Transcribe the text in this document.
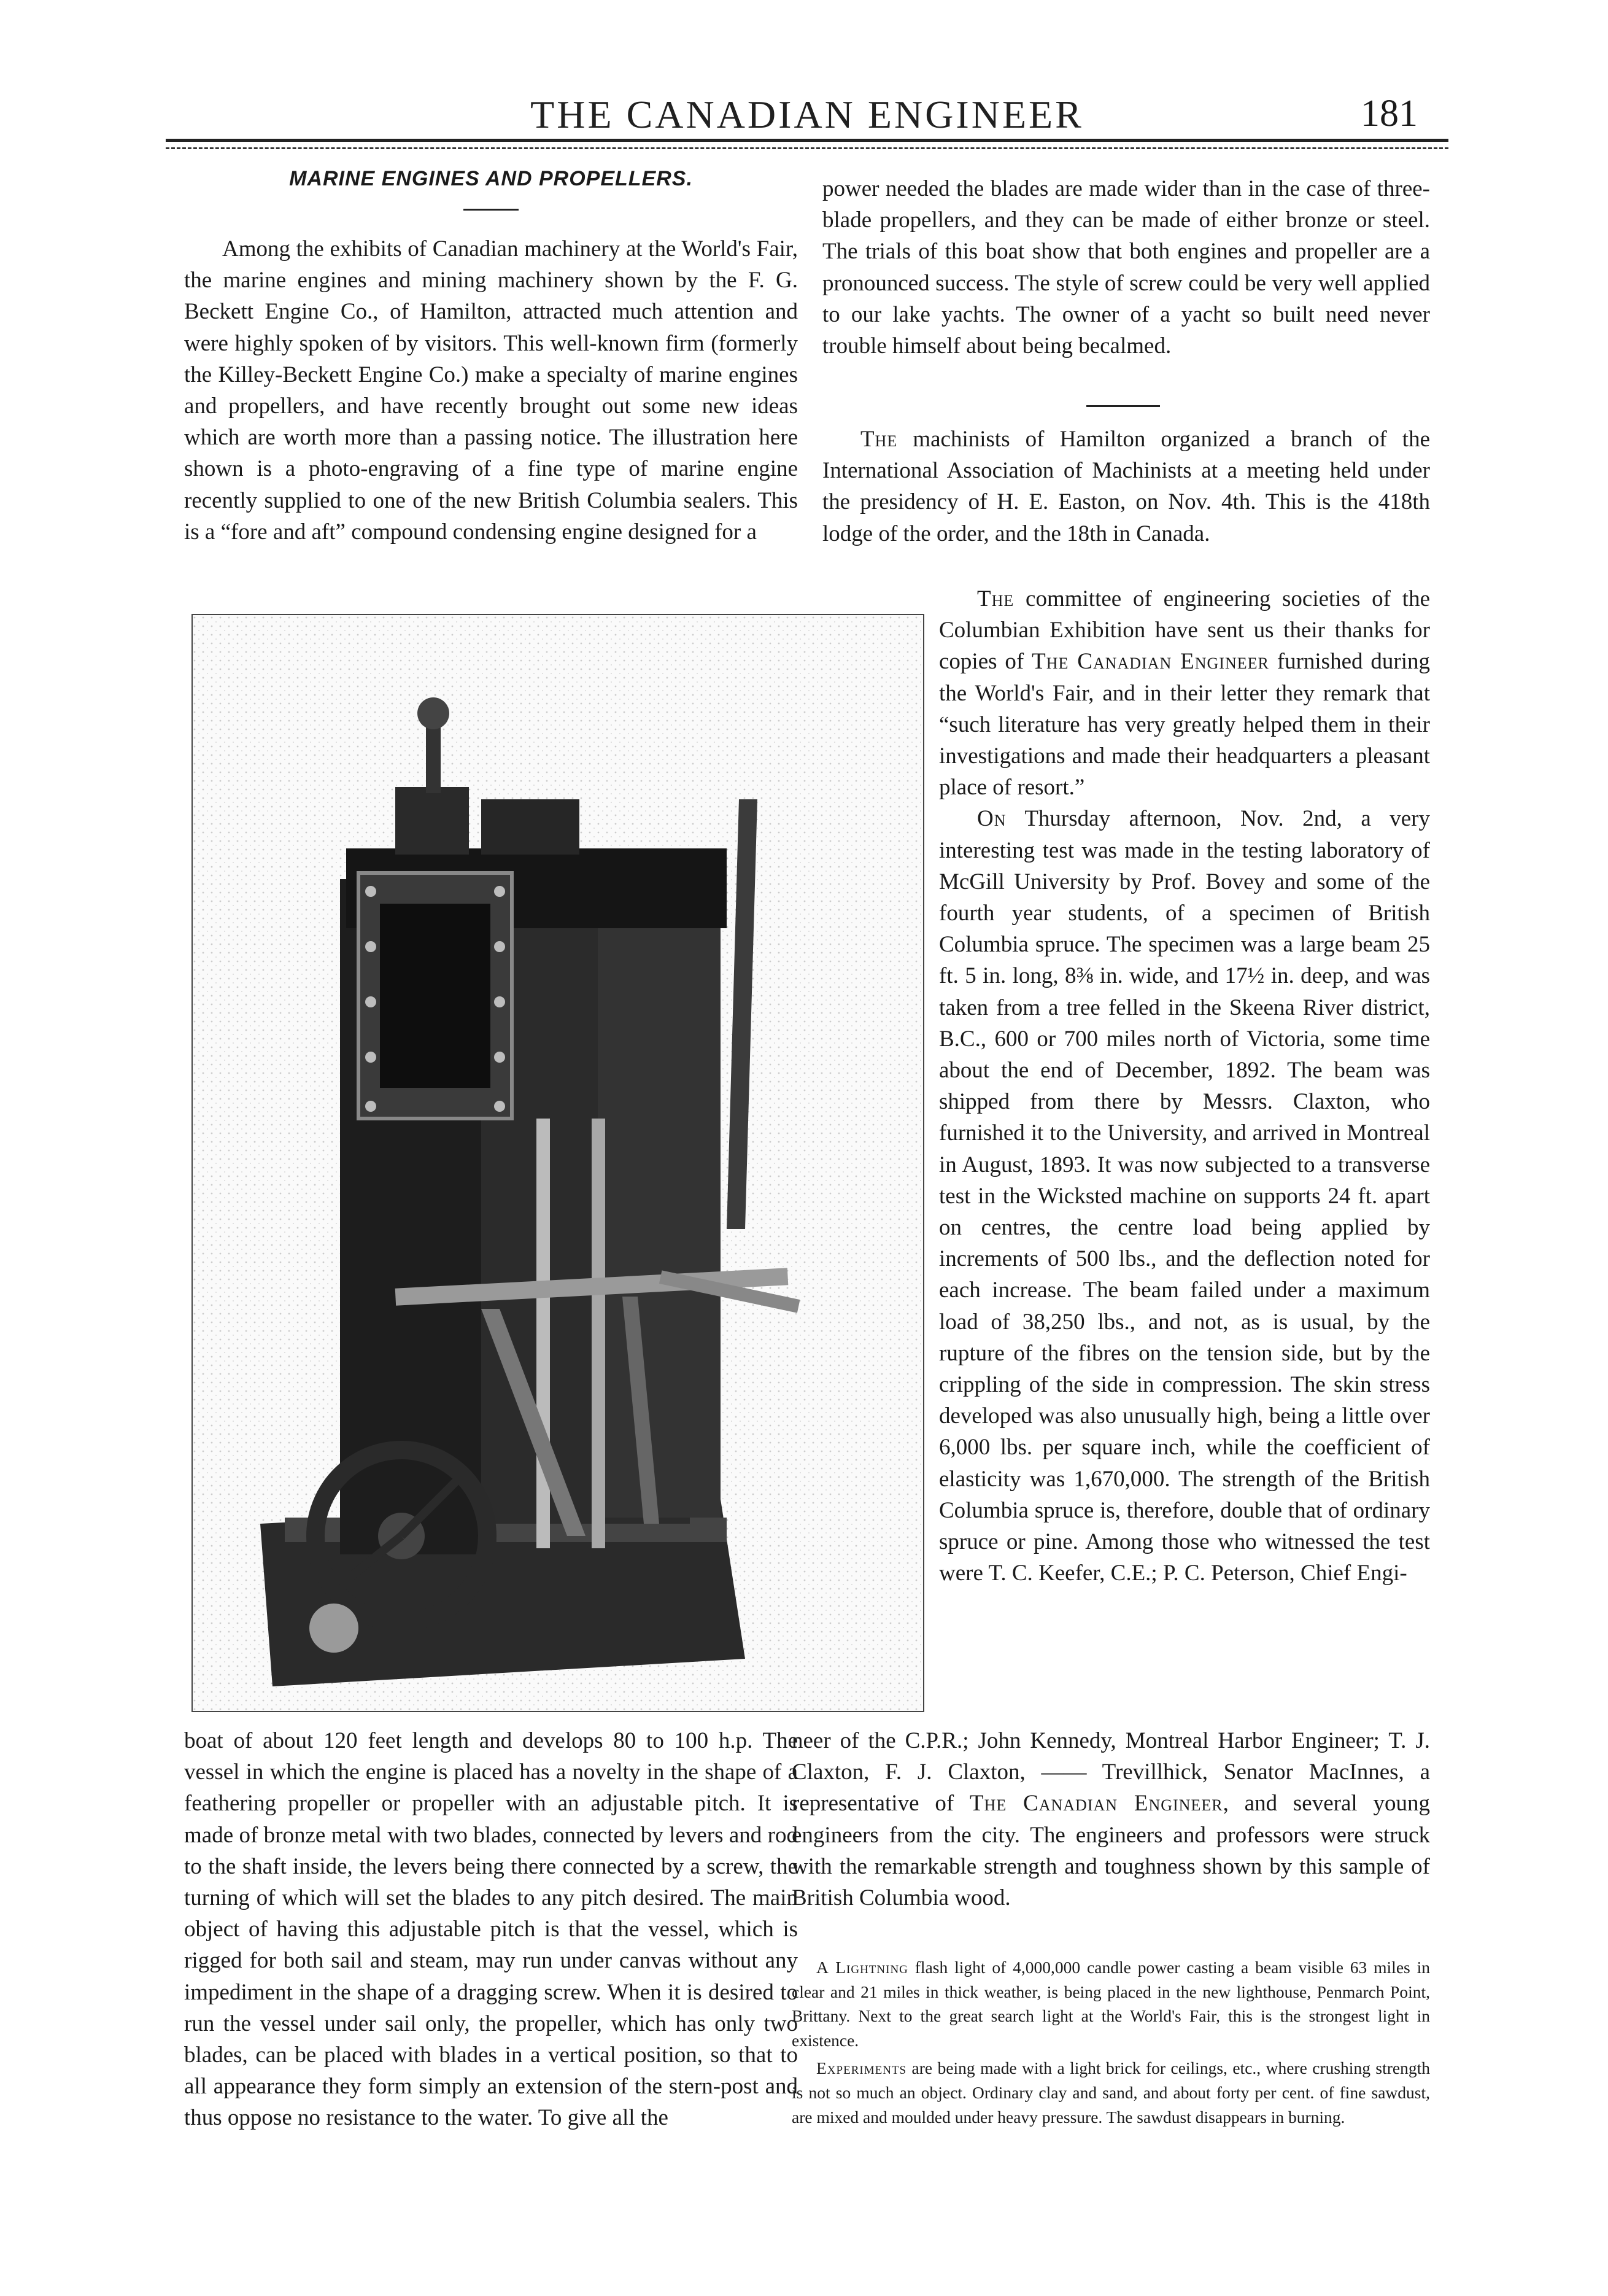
THE CANADIAN ENGINEER	181
MARINE ENGINES AND PROPELLERS.

Among the exhibits of Canadian machinery at the World's Fair, the marine engines and mining machinery shown by the F. G. Beckett Engine Co., of Hamilton, attracted much attention and were highly spoken of by visitors. This well-known firm (formerly the Killey-Beckett Engine Co.) make a specialty of marine engines and propellers, and have recently brought out some new ideas which are worth more than a passing notice. The illustration here shown is a photo-engraving of a fine type of marine engine recently supplied to one of the new British Columbia sealers. This is a “fore and aft” compound condensing engine designed for a

boat of about 120 feet length and develops 80 to 100 h.p. The vessel in which the engine is placed has a novelty in the shape of a feathering propeller or propeller with an adjustable pitch. It is made of bronze metal with two blades, connected by levers and rod to the shaft inside, the levers being there connected by a screw, the turning of which will set the blades to any pitch desired. The main object of having this adjustable pitch is that the vessel, which is rigged for both sail and steam, may run under canvas without any impediment in the shape of a dragging screw. When it is desired to run the vessel under sail only, the propeller, which has only two blades, can be placed with blades in a vertical position, so that to all appearance they form simply an extension of the stern-post and thus oppose no resistance to the water. To give all the

power needed the blades are made wider than in the case of three-blade propellers, and they can be made of either bronze or steel. The trials of this boat show that both engines and propeller are a pronounced success. The style of screw could be very well applied to our lake yachts. The owner of a yacht so built need never trouble himself about being becalmed.

The machinists of Hamilton organized a branch of the International Association of Machinists at a meeting held under the presidency of H. E. Easton, on Nov. 4th. This is the 418th lodge of the order, and the 18th in Canada.

The committee of engineering societies of the Columbian Exhibition have sent us their thanks for copies of The Canadian Engineer furnished during the World's Fair, and in their letter they remark that “such literature has very greatly helped them in their investigations and made their headquarters a pleasant place of resort.”

On Thursday afternoon, Nov. 2nd, a very interesting test was made in the testing laboratory of McGill University by Prof. Bovey and some of the fourth year students, of a specimen of British Columbia spruce. The specimen was a large beam 25 ft. 5 in. long, 8⅜ in. wide, and 17½ in. deep, and was taken from a tree felled in the Skeena River district, B.C., 600 or 700 miles north of Victoria, some time about the end of December, 1892. The beam was shipped from there by Messrs. Claxton, who furnished it to the University, and arrived in Montreal in August, 1893. It was now subjected to a transverse test in the Wicksted machine on supports 24 ft. apart on centres, the centre load being applied by increments of 500 lbs., and the deflection noted for each increase. The beam failed under a maximum load of 38,250 lbs., and not, as is usual, by the rupture of the fibres on the tension side, but by the crippling of the side in compression. The skin stress developed was also unusually high, being a little over 6,000 lbs. per square inch, while the coefficient of elasticity was 1,670,000. The strength of the British Columbia spruce is, therefore, double that of ordinary spruce or pine. Among those who witnessed the test were T. C. Keefer, C.E.; P. C. Peterson, Chief Engi-

neer of the C.P.R.; John Kennedy, Montreal Harbor Engineer; T. J. Claxton, F. J. Claxton, —— Trevillhick, Senator MacInnes, a representative of The Canadian Engineer, and several young engineers from the city. The engineers and professors were struck with the remarkable strength and toughness shown by this sample of British Columbia wood.

A Lightning flash light of 4,000,000 candle power casting a beam visible 63 miles in clear and 21 miles in thick weather, is being placed in the new lighthouse, Penmarch Point, Brittany. Next to the great search light at the World's Fair, this is the strongest light in existence.

Experiments are being made with a light brick for ceilings, etc., where crushing strength is not so much an object. Ordinary clay and sand, and about forty per cent. of fine sawdust, are mixed and moulded under heavy pressure. The sawdust disappears in burning.
